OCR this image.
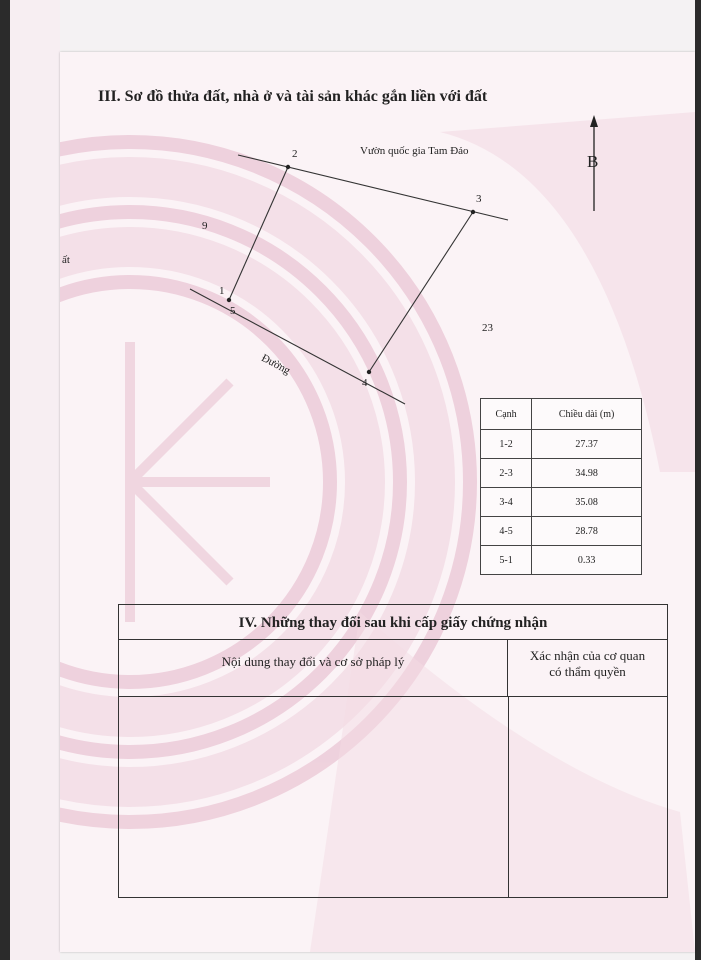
III. Sơ đồ thửa đất, nhà ở và tài sản khác gắn liền với đất
2
3
1
5
4
Vườn quốc gia Tam Đảo
9
ất
23
Đường
B
Cạnh	Chiều dài (m)
1-2	27.37
2-3	34.98
3-4	35.08
4-5	28.78
5-1	0.33
IV. Những thay đổi sau khi cấp giấy chứng nhận
Nội dung thay đổi và cơ sở pháp lý	Xác nhận của cơ quan
có thẩm quyền
